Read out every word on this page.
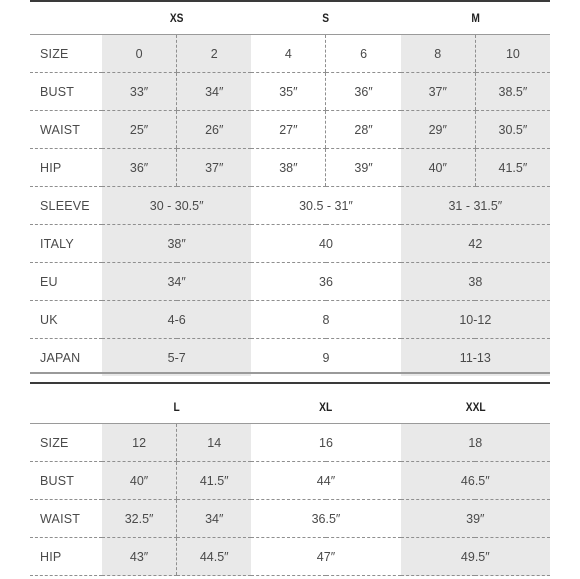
	XS		S		M	
SIZE	0	2	4	6	8	10
BUST	33″	34″	35″	36″	37″	38.5″
WAIST	25″	26″	27″	28″	29″	30.5″
HIP	36″	37″	38″	39″	40″	41.5″
SLEEVE	30 - 30.5″		30.5 - 31″		31 - 31.5″	
ITALY	38″		40		42	
EU	34″		36		38	
UK	4-6		8		10-12	
JAPAN	5-7		9		11-13	
	L		XL	XXL
SIZE	12	14	16	18
BUST	40″	41.5″	44″	46.5″
WAIST	32.5″	34″	36.5″	39″
HIP	43″	44.5″	47″	49.5″
